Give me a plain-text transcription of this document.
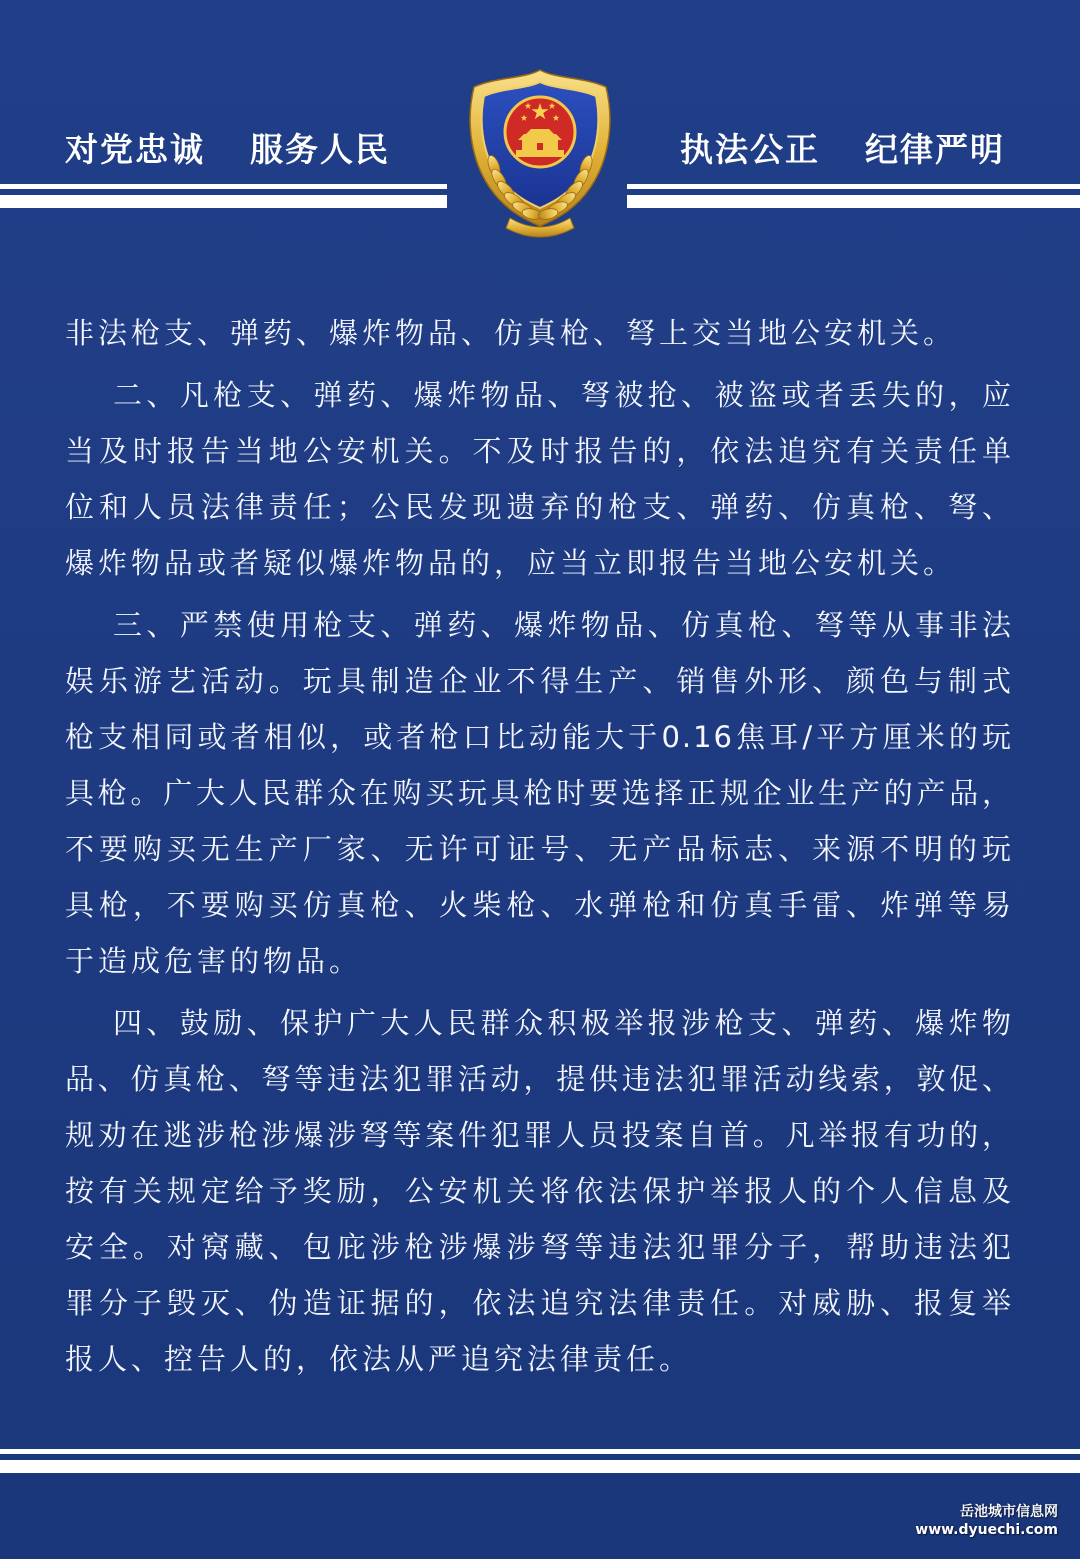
对党忠诚 服务人民	执法公正 纪律严明
非法枪支、弹药、爆炸物品、仿真枪、弩上交当地公安机关。
二、凡枪支、弹药、爆炸物品、弩被抢、被盗或者丢失的，应
当及时报告当地公安机关。不及时报告的，依法追究有关责任单
位和人员法律责任；公民发现遗弃的枪支、弹药、仿真枪、弩、
爆炸物品或者疑似爆炸物品的，应当立即报告当地公安机关。
三、严禁使用枪支、弹药、爆炸物品、仿真枪、弩等从事非法
娱乐游艺活动。玩具制造企业不得生产、销售外形、颜色与制式
枪支相同或者相似，或者枪口比动能大于0.16焦耳/平方厘米的玩
具枪。广大人民群众在购买玩具枪时要选择正规企业生产的产品，
不要购买无生产厂家、无许可证号、无产品标志、来源不明的玩
具枪，不要购买仿真枪、火柴枪、水弹枪和仿真手雷、炸弹等易
于造成危害的物品。
四、鼓励、保护广大人民群众积极举报涉枪支、弹药、爆炸物
品、仿真枪、弩等违法犯罪活动，提供违法犯罪活动线索，敦促、
规劝在逃涉枪涉爆涉弩等案件犯罪人员投案自首。凡举报有功的，
按有关规定给予奖励，公安机关将依法保护举报人的个人信息及
安全。对窝藏、包庇涉枪涉爆涉弩等违法犯罪分子，帮助违法犯
罪分子毁灭、伪造证据的，依法追究法律责任。对威胁、报复举
报人、控告人的，依法从严追究法律责任。
岳池城市信息网
www.dyuechi.com
